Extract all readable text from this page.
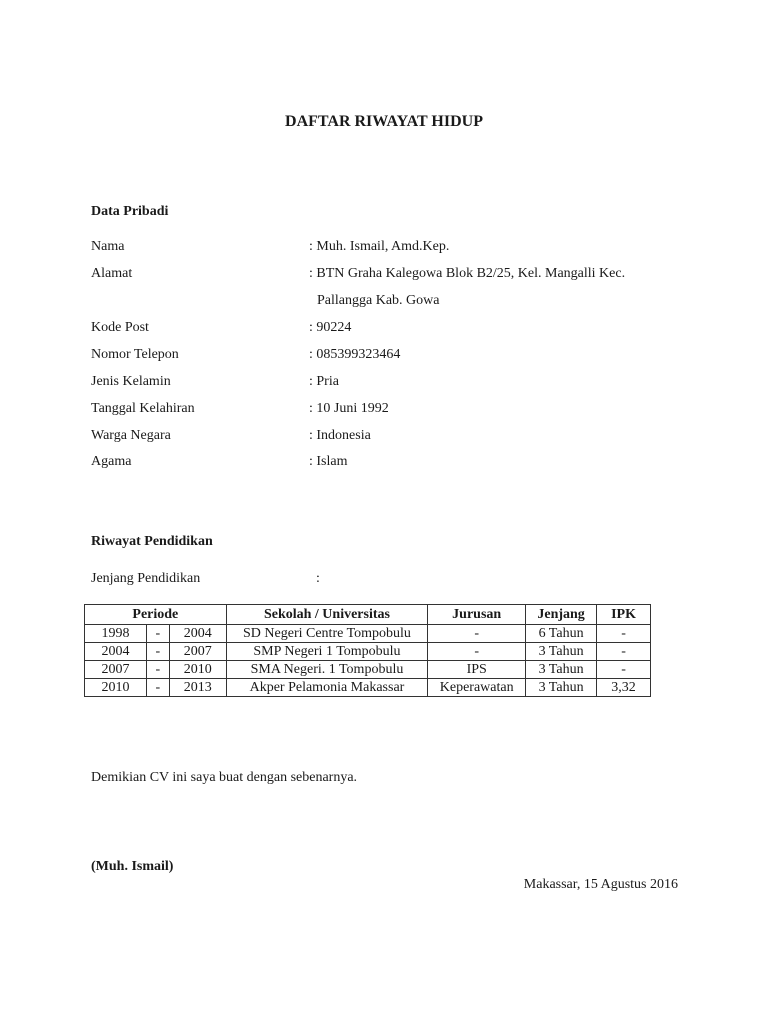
DAFTAR RIWAYAT HIDUP
Data Pribadi
Nama	: Muh. Ismail, Amd.Kep.
Alamat	: BTN Graha Kalegowa Blok B2/25, Kel. Mangalli Kec.
Pallangga Kab. Gowa
Kode Post	: 90224
Nomor Telepon	: 085399323464
Jenis Kelamin	: Pria
Tanggal Kelahiran	: 10 Juni 1992
Warga Negara	: Indonesia
Agama	: Islam
Riwayat Pendidikan
Jenjang Pendidikan	:
Periode			Sekolah / Universitas	Jurusan	Jenjang	IPK
1998	-	2004	SD Negeri Centre Tompobulu	-	6 Tahun	-
2004	-	2007	SMP Negeri 1 Tompobulu	-	3 Tahun	-
2007	-	2010	SMA Negeri. 1 Tompobulu	IPS	3 Tahun	-
2010	-	2013	Akper Pelamonia Makassar	Keperawatan	3 Tahun	3,32
Demikian CV ini saya buat dengan sebenarnya.
(Muh. Ismail)
Makassar, 15 Agustus 2016
